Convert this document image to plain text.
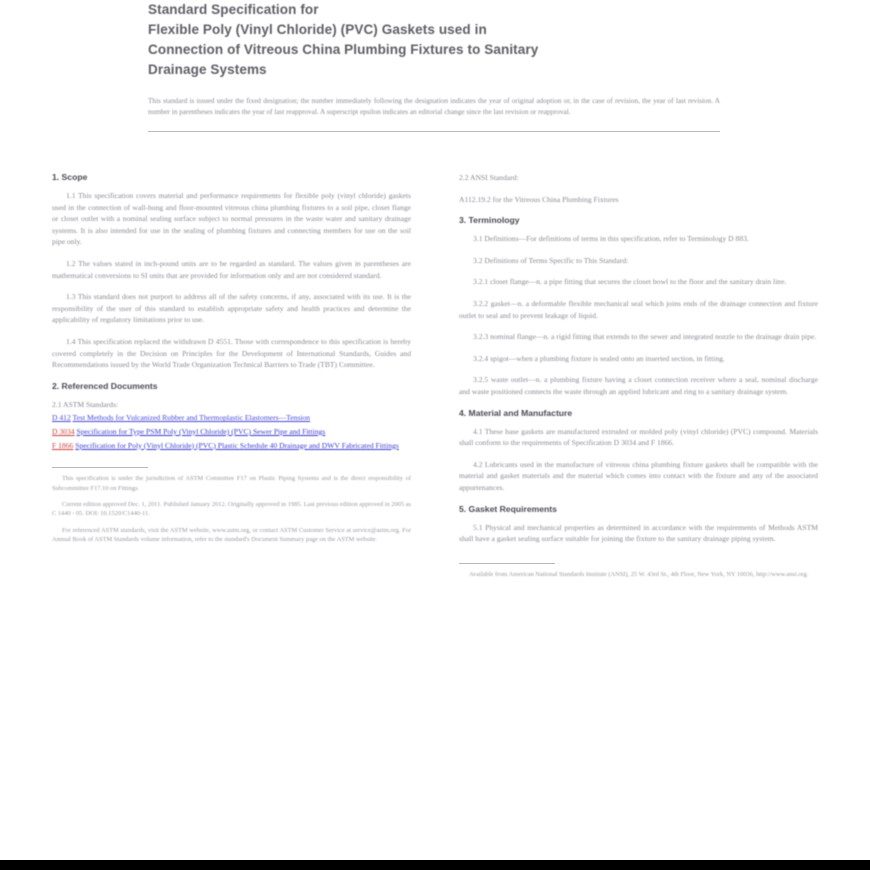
Standard Specification for
Flexible Poly (Vinyl Chloride) (PVC) Gaskets used in
Connection of Vitreous China Plumbing Fixtures to Sanitary
Drainage Systems

This standard is issued under the fixed designation; the number immediately following the designation indicates the year of original adoption or, in the case of revision, the year of last revision. A number in parentheses indicates the year of last reapproval. A superscript epsilon indicates an editorial change since the last revision or reapproval.

1. Scope

1.1 This specification covers material and performance requirements for flexible poly (vinyl chloride) gaskets used in the connection of wall-hung and floor-mounted vitreous china plumbing fixtures to a soil pipe, closet flange or closet outlet with a nominal sealing surface subject to normal pressures in the waste water and sanitary drainage systems. It is also intended for use in the sealing of plumbing fixtures and connecting members for use on the soil pipe only.

1.2 The values stated in inch-pound units are to be regarded as standard. The values given in parentheses are mathematical conversions to SI units that are provided for information only and are not considered standard.

1.3 This standard does not purport to address all of the safety concerns, if any, associated with its use. It is the responsibility of the user of this standard to establish appropriate safety and health practices and determine the applicability of regulatory limitations prior to use.

1.4 This specification replaced the withdrawn D 4551. Those with correspondence to this specification is hereby covered completely in the Decision on Principles for the Development of International Standards, Guides and Recommendations issued by the World Trade Organization Technical Barriers to Trade (TBT) Committee.

2. Referenced Documents

2.1 ASTM Standards:

D 412 Test Methods for Vulcanized Rubber and Thermoplastic Elastomers—Tension

D 3034 Specification for Type PSM Poly (Vinyl Chloride) (PVC) Sewer Pipe and Fittings

F 1866 Specification for Poly (Vinyl Chloride) (PVC) Plastic Schedule 40 Drainage and DWV Fabricated Fittings

This specification is under the jurisdiction of ASTM Committee F17 on Plastic Piping Systems and is the direct responsibility of Subcommittee F17.10 on Fittings.

Current edition approved Dec. 1, 2011. Published January 2012. Originally approved in 1985. Last previous edition approved in 2005 as C 1440 - 05. DOI: 10.1520/C1440-11.

For referenced ASTM standards, visit the ASTM website, www.astm.org, or contact ASTM Customer Service at service@astm.org. For Annual Book of ASTM Standards volume information, refer to the standard's Document Summary page on the ASTM website.

2.2 ANSI Standard:

A112.19.2 for the Vitreous China Plumbing Fixtures

3. Terminology

3.1 Definitions—For definitions of terms in this specification, refer to Terminology D 883.

3.2 Definitions of Terms Specific to This Standard:

3.2.1 closet flange—n. a pipe fitting that secures the closet bowl to the floor and the sanitary drain line.

3.2.2 gasket—n. a deformable flexible mechanical seal which joins ends of the drainage connection and fixture outlet to seal and to prevent leakage of liquid.

3.2.3 nominal flange—n. a rigid fitting that extends to the sewer and integrated nozzle to the drainage drain pipe.

3.2.4 spigot—when a plumbing fixture is sealed onto an inserted section, in fitting.

3.2.5 waste outlet—n. a plumbing fixture having a closet connection receiver where a seal, nominal discharge and waste positioned connects the waste through an applied lubricant and ring to a sanitary drainage system.

4. Material and Manufacture

4.1 These base gaskets are manufactured extruded or molded poly (vinyl chloride) (PVC) compound. Materials shall conform to the requirements of Specification D 3034 and F 1866.

4.2 Lubricants used in the manufacture of vitreous china plumbing fixture gaskets shall be compatible with the material and gasket materials and the material which comes into contact with the fixture and any of the associated appurtenances.

5. Gasket Requirements

5.1 Physical and mechanical properties as determined in accordance with the requirements of Methods ASTM shall have a gasket sealing surface suitable for joining the fixture to the sanitary drainage piping system.

Available from American National Standards Institute (ANSI), 25 W. 43rd St., 4th Floor, New York, NY 10036, http://www.ansi.org.
